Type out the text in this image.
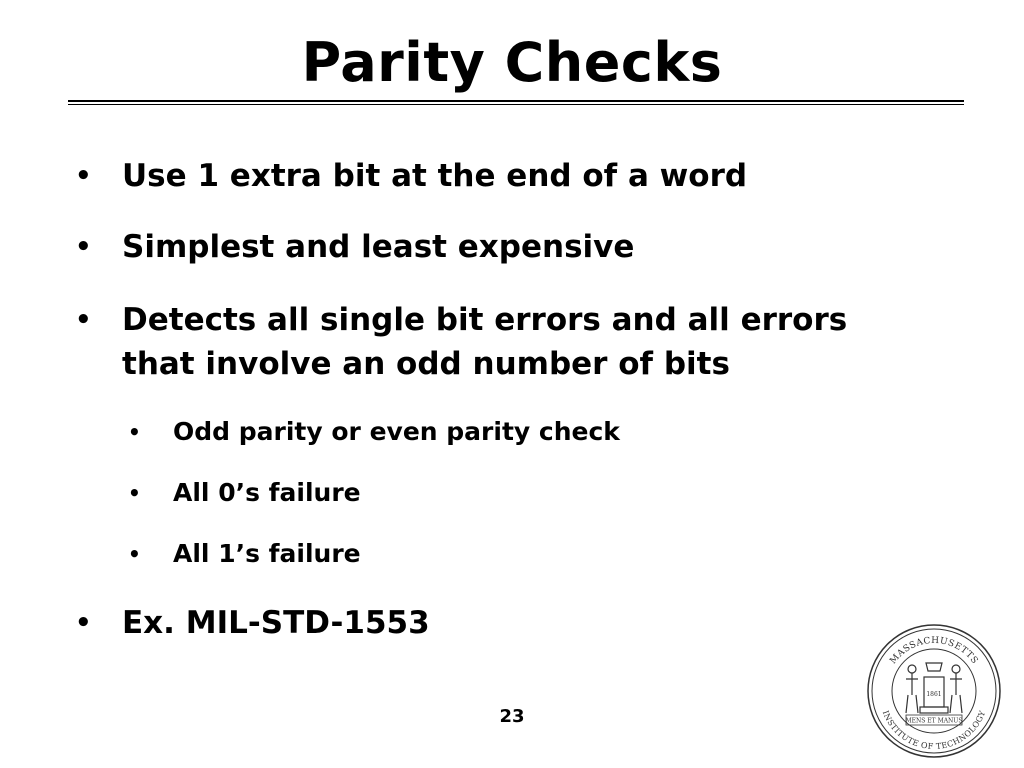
Parity Checks
• Use 1 extra bit at the end of a word
• Simplest and least expensive
• Detects all single bit errors and all errors
that involve an odd number of bits
• Odd parity or even parity check
• All 0’s failure
• All 1’s failure
• Ex. MIL-STD-1553
23
MASSACHUSETTS
INSTITUTE OF TECHNOLOGY
MENS ET MANUS
1861
